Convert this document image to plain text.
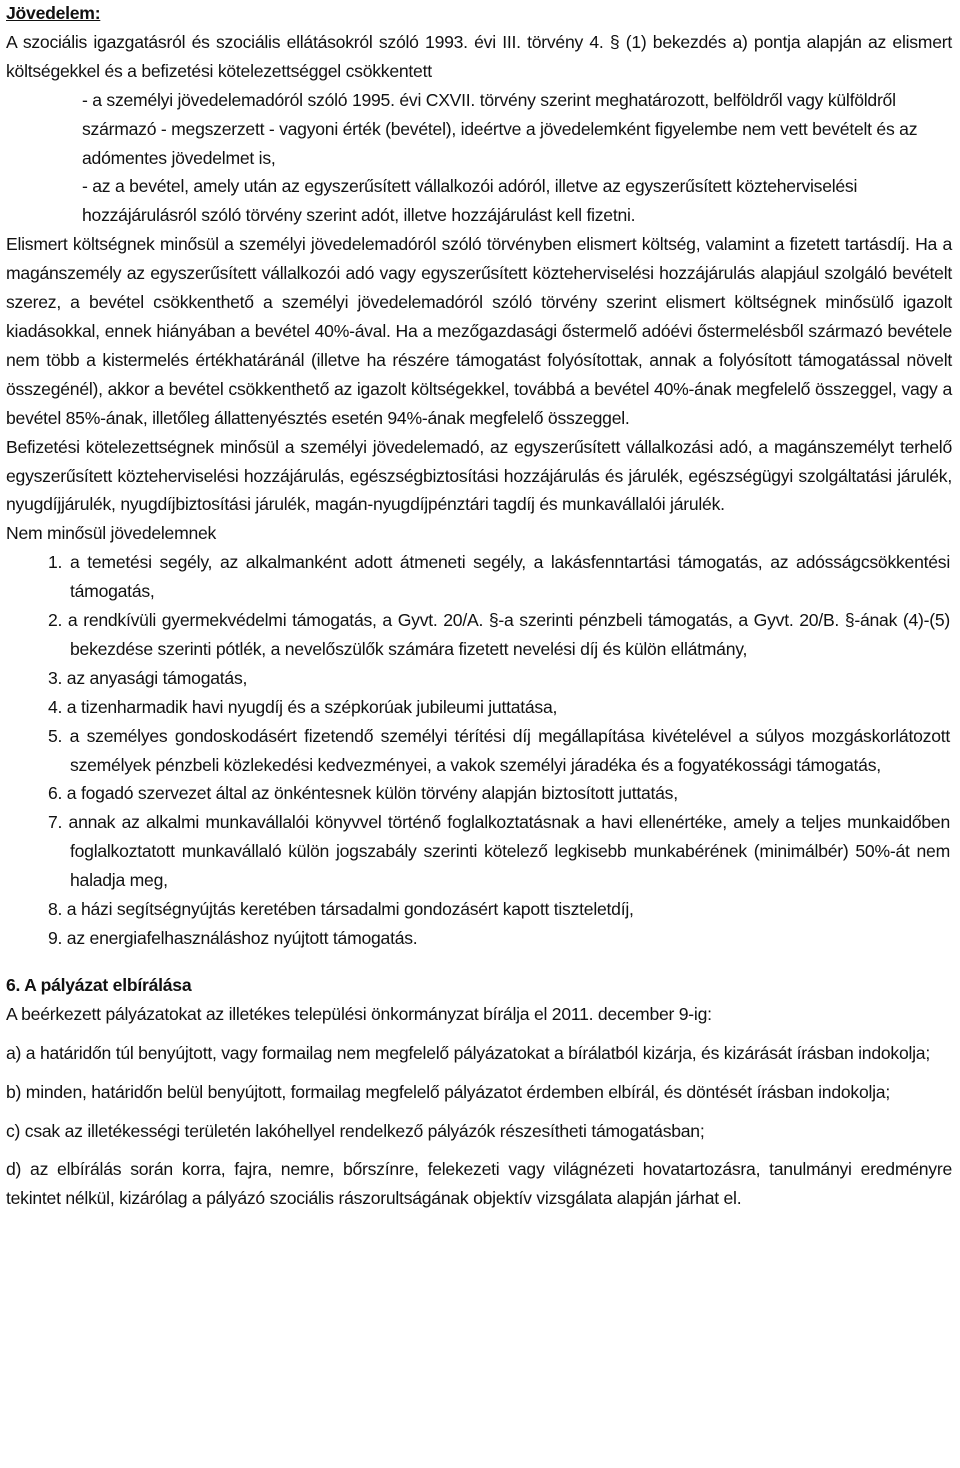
Jövedelem:

A szociális igazgatásról és szociális ellátásokról szóló 1993. évi III. törvény 4. § (1) bekezdés a) pontja alapján az elismert költségekkel és a befizetési kötelezettséggel csökkentett

- a személyi jövedelemadóról szóló 1995. évi CXVII. törvény szerint meghatározott, belföldről vagy külföldről származó - megszerzett - vagyoni érték (bevétel), ideértve a jövedelemként figyelembe nem vett bevételt és az adómentes jövedelmet is,

- az a bevétel, amely után az egyszerűsített vállalkozói adóról, illetve az egyszerűsített közteherviselési hozzájárulásról szóló törvény szerint adót, illetve hozzájárulást kell fizetni.

Elismert költségnek minősül a személyi jövedelemadóról szóló törvényben elismert költség, valamint a fizetett tartásdíj. Ha a magánszemély az egyszerűsített vállalkozói adó vagy egyszerűsített közteherviselési hozzájárulás alapjául szolgáló bevételt szerez, a bevétel csökkenthető a személyi jövedelemadóról szóló törvény szerint elismert költségnek minősülő igazolt kiadásokkal, ennek hiányában a bevétel 40%-ával. Ha a mezőgazdasági őstermelő adóévi őstermelésből származó bevétele nem több a kistermelés értékhatáránál (illetve ha részére támogatást folyósítottak, annak a folyósított támogatással növelt összegénél), akkor a bevétel csökkenthető az igazolt költségekkel, továbbá a bevétel 40%-ának megfelelő összeggel, vagy a bevétel 85%-ának, illetőleg állattenyésztés esetén 94%-ának megfelelő összeggel.

Befizetési kötelezettségnek minősül a személyi jövedelemadó, az egyszerűsített vállalkozási adó, a magánszemélyt terhelő egyszerűsített közteherviselési hozzájárulás, egészségbiztosítási hozzájárulás és járulék, egészségügyi szolgáltatási járulék, nyugdíjjárulék, nyugdíjbiztosítási járulék, magán-nyugdíjpénztári tagdíj és munkavállalói járulék.

Nem minősül jövedelemnek

1. a temetési segély, az alkalmanként adott átmeneti segély, a lakásfenntartási támogatás, az adósságcsökkentési támogatás,

2. a rendkívüli gyermekvédelmi támogatás, a Gyvt. 20/A. §-a szerinti pénzbeli támogatás, a Gyvt. 20/B. §-ának (4)-(5) bekezdése szerinti pótlék, a nevelőszülők számára fizetett nevelési díj és külön ellátmány,

3. az anyasági támogatás,

4. a tizenharmadik havi nyugdíj és a szépkorúak jubileumi juttatása,

5. a személyes gondoskodásért fizetendő személyi térítési díj megállapítása kivételével a súlyos mozgáskorlátozott személyek pénzbeli közlekedési kedvezményei, a vakok személyi járadéka és a fogyatékossági támogatás,

6. a fogadó szervezet által az önkéntesnek külön törvény alapján biztosított juttatás,

7. annak az alkalmi munkavállalói könyvvel történő foglalkoztatásnak a havi ellenértéke, amely a teljes munkaidőben foglalkoztatott munkavállaló külön jogszabály szerinti kötelező legkisebb munkabérének (minimálbér) 50%-át nem haladja meg,

8. a házi segítségnyújtás keretében társadalmi gondozásért kapott tiszteletdíj,

9. az energiafelhasználáshoz nyújtott támogatás.

6. A pályázat elbírálása

A beérkezett pályázatokat az illetékes települési önkormányzat bírálja el 2011. december 9-ig:

a) a határidőn túl benyújtott, vagy formailag nem megfelelő pályázatokat a bírálatból kizárja, és kizárását írásban indokolja;

b) minden, határidőn belül benyújtott, formailag megfelelő pályázatot érdemben elbírál, és döntését írásban indokolja;

c) csak az illetékességi területén lakóhellyel rendelkező pályázók részesítheti támogatásban;

d) az elbírálás során korra, fajra, nemre, bőrszínre, felekezeti vagy világnézeti hovatartozásra, tanulmányi eredményre tekintet nélkül, kizárólag a pályázó szociális rászorultságának objektív vizsgálata alapján járhat el.
